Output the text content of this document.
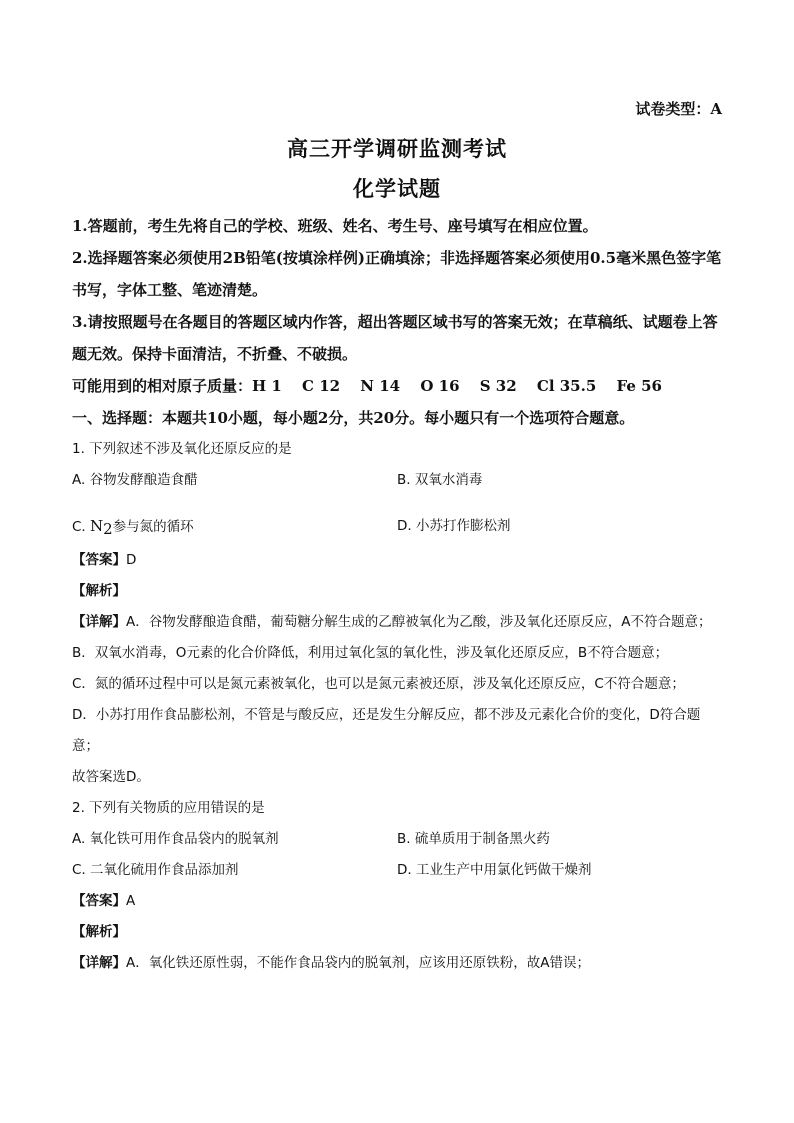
试卷类型：A
高三开学调研监测考试
化学试题
1.答题前，考生先将自己的学校、班级、姓名、考生号、座号填写在相应位置。
2.选择题答案必须使用2B铅笔(按填涂样例)正确填涂；非选择题答案必须使用0.5毫米黑色签字笔书写，字体工整、笔迹清楚。
3.请按照题号在各题目的答题区域内作答，超出答题区域书写的答案无效；在草稿纸、试题卷上答题无效。保持卡面清洁，不折叠、不破损。
可能用到的相对原子质量：H 1　 C 12　 N 14　 O 16　 S 32　 Cl 35.5　 Fe 56
一、选择题：本题共10小题，每小题2分，共20分。每小题只有一个选项符合题意。
1. 下列叙述不涉及氧化还原反应的是
A. 谷物发酵酿造食醋	B. 双氧水消毒
C. N2参与氮的循环	D. 小苏打作膨松剂
【答案】D
【解析】
【详解】A．谷物发酵酿造食醋，葡萄糖分解生成的乙醇被氧化为乙酸，涉及氧化还原反应，A不符合题意；
B．双氧水消毒，O元素的化合价降低，利用过氧化氢的氧化性，涉及氧化还原反应，B不符合题意；
C．氮的循环过程中可以是氮元素被氧化，也可以是氮元素被还原，涉及氧化还原反应，C不符合题意；
D．小苏打用作食品膨松剂，不管是与酸反应，还是发生分解反应，都不涉及元素化合价的变化，D符合题意；
故答案选D。
2. 下列有关物质的应用错误的是
A. 氧化铁可用作食品袋内的脱氧剂	B. 硫单质用于制备黑火药
C. 二氧化硫用作食品添加剂	D. 工业生产中用氯化钙做干燥剂
【答案】A
【解析】
【详解】A．氧化铁还原性弱，不能作食品袋内的脱氧剂，应该用还原铁粉，故A错误；
